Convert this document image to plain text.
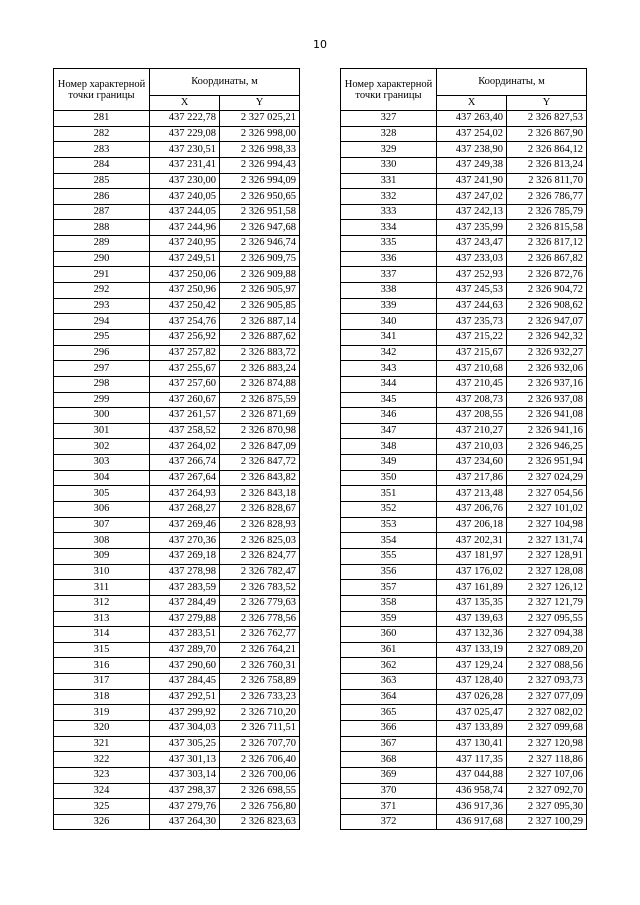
10
Номер характерной точки границы	Координаты, м	
	X	Y
281	437 222,78	2 327 025,21
282	437 229,08	2 326 998,00
283	437 230,51	2 326 998,33
284	437 231,41	2 326 994,43
285	437 230,00	2 326 994,09
286	437 240,05	2 326 950,65
287	437 244,05	2 326 951,58
288	437 244,96	2 326 947,68
289	437 240,95	2 326 946,74
290	437 249,51	2 326 909,75
291	437 250,06	2 326 909,88
292	437 250,96	2 326 905,97
293	437 250,42	2 326 905,85
294	437 254,76	2 326 887,14
295	437 256,92	2 326 887,62
296	437 257,82	2 326 883,72
297	437 255,67	2 326 883,24
298	437 257,60	2 326 874,88
299	437 260,67	2 326 875,59
300	437 261,57	2 326 871,69
301	437 258,52	2 326 870,98
302	437 264,02	2 326 847,09
303	437 266,74	2 326 847,72
304	437 267,64	2 326 843,82
305	437 264,93	2 326 843,18
306	437 268,27	2 326 828,67
307	437 269,46	2 326 828,93
308	437 270,36	2 326 825,03
309	437 269,18	2 326 824,77
310	437 278,98	2 326 782,47
311	437 283,59	2 326 783,52
312	437 284,49	2 326 779,63
313	437 279,88	2 326 778,56
314	437 283,51	2 326 762,77
315	437 289,70	2 326 764,21
316	437 290,60	2 326 760,31
317	437 284,45	2 326 758,89
318	437 292,51	2 326 733,23
319	437 299,92	2 326 710,20
320	437 304,03	2 326 711,51
321	437 305,25	2 326 707,70
322	437 301,13	2 326 706,40
323	437 303,14	2 326 700,06
324	437 298,37	2 326 698,55
325	437 279,76	2 326 756,80
326	437 264,30	2 326 823,63
Номер характерной точки границы	Координаты, м	
	X	Y
327	437 263,40	2 326 827,53
328	437 254,02	2 326 867,90
329	437 238,90	2 326 864,12
330	437 249,38	2 326 813,24
331	437 241,90	2 326 811,70
332	437 247,02	2 326 786,77
333	437 242,13	2 326 785,79
334	437 235,99	2 326 815,58
335	437 243,47	2 326 817,12
336	437 233,03	2 326 867,82
337	437 252,93	2 326 872,76
338	437 245,53	2 326 904,72
339	437 244,63	2 326 908,62
340	437 235,73	2 326 947,07
341	437 215,22	2 326 942,32
342	437 215,67	2 326 932,27
343	437 210,68	2 326 932,06
344	437 210,45	2 326 937,16
345	437 208,73	2 326 937,08
346	437 208,55	2 326 941,08
347	437 210,27	2 326 941,16
348	437 210,03	2 326 946,25
349	437 234,60	2 326 951,94
350	437 217,86	2 327 024,29
351	437 213,48	2 327 054,56
352	437 206,76	2 327 101,02
353	437 206,18	2 327 104,98
354	437 202,31	2 327 131,74
355	437 181,97	2 327 128,91
356	437 176,02	2 327 128,08
357	437 161,89	2 327 126,12
358	437 135,35	2 327 121,79
359	437 139,63	2 327 095,55
360	437 132,36	2 327 094,38
361	437 133,19	2 327 089,20
362	437 129,24	2 327 088,56
363	437 128,40	2 327 093,73
364	437 026,28	2 327 077,09
365	437 025,47	2 327 082,02
366	437 133,89	2 327 099,68
367	437 130,41	2 327 120,98
368	437 117,35	2 327 118,86
369	437 044,88	2 327 107,06
370	436 958,74	2 327 092,70
371	436 917,36	2 327 095,30
372	436 917,68	2 327 100,29
